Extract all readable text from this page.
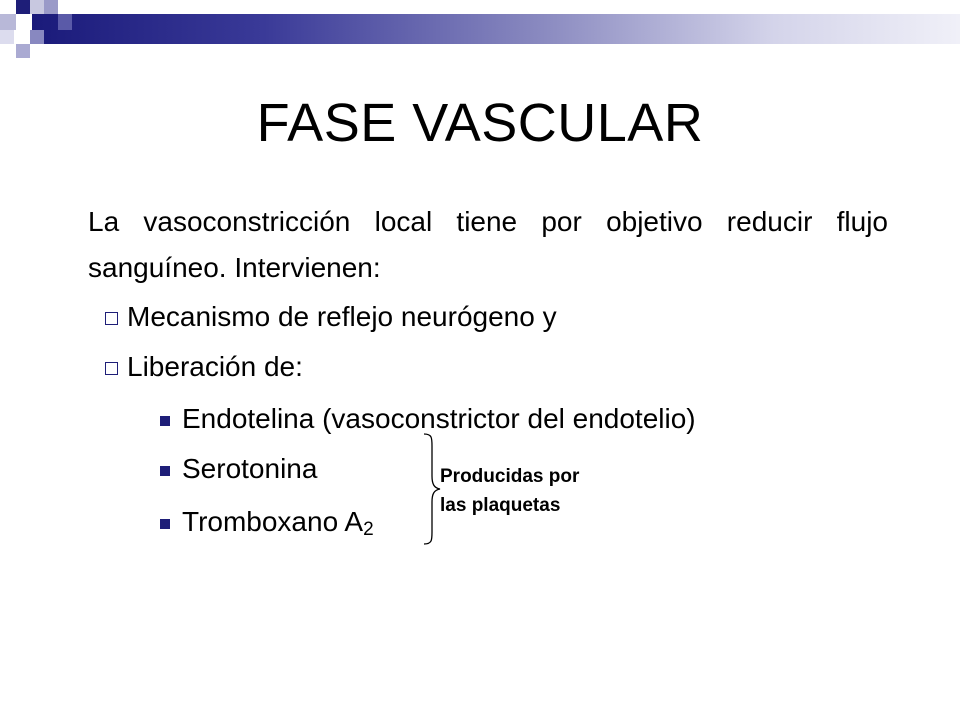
FASE VASCULAR
La vasoconstricción local tiene por objetivo reducir flujo sanguíneo. Intervienen:
Mecanismo de reflejo neurógeno y
Liberación de:
Endotelina (vasoconstrictor del endotelio)
Serotonina
Tromboxano A 2
Producidas por
las plaquetas
